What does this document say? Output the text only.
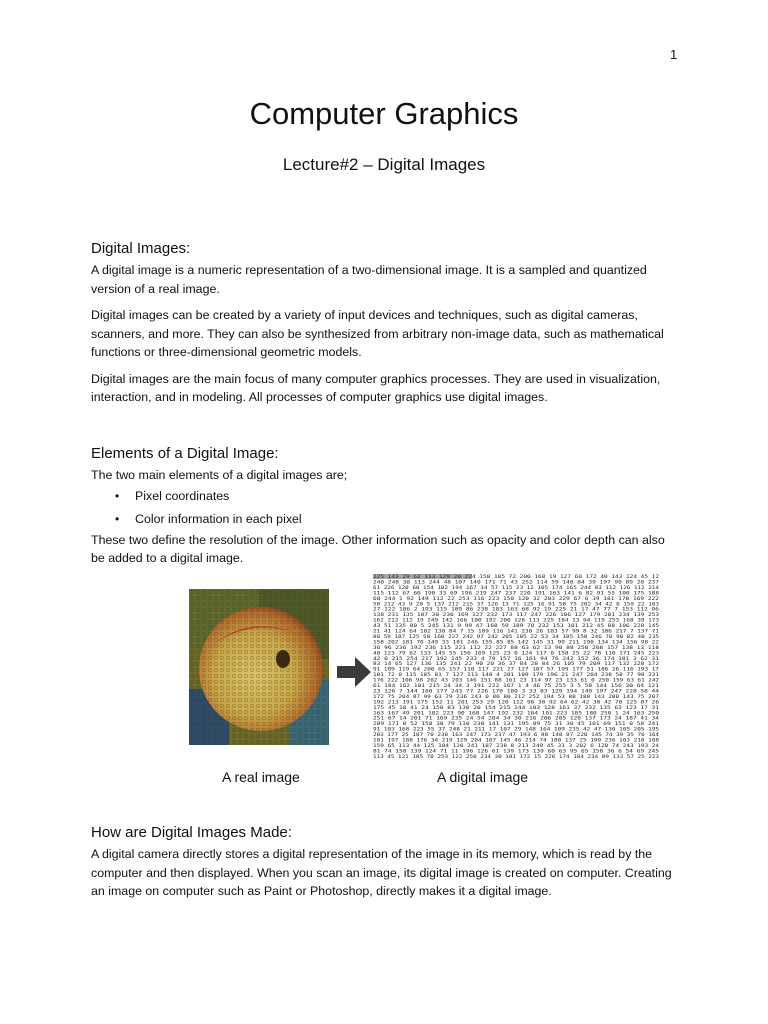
1
Computer Graphics
Lecture#2 – Digital Images
Digital Images:

A digital image is a numeric representation of a two-dimensional image. It is a sampled and quantized version of a real image.

Digital images can be created by a variety of input devices and techniques, such as digital cameras, scanners, and more. They can also be synthesized from arbitrary non-image data, such as mathematical functions or three-dimensional geometric models.

Digital images are the main focus of many computer graphics processes. They are used in visualization, interaction, and in modeling. All processes of computer graphics use digital images.

Elements of a Digital Image:

The two main elements of a digital images are;

• Pixel coordinates
• Color information in each pixel

These two define the resolution of the image. Other information such as opacity and color depth can also be added to a digital image.

125 143 29 62 113 129 20 224 150 105 72 200 168 19 127 60 172 40 143 124 45 12
240 248 30 113 244 48 107 140 171 71 43 252 114 59 140 84 39 197 90 89 20 237
61 226 120 60 154 102 194 167 34 57 115 23 12 105 174 165 244 83 112 126 112 214
115 112 67 60 190 33 69 196 219 247 237 220 191 163 141 6 82 91 55 100 175 188
68 244 1 92 149 112 22 253 116 223 150 120 32 203 229 67 6 39 181 178 169 222
58 212 43 9 20 5 137 212 215 37 126 13 71 125 16 91 58 75 202 34 42 0 159 22 103
27 122 106 2 193 115 189 86 238 183 163 68 92 19 225 21 17 47 77 7 153 112 96
138 231 135 107 30 230 169 127 232 173 117 247 226 106 127 179 201 234 139 253
162 212 112 19 249 142 166 100 192 200 128 113 225 184 13 94 119 253 168 39 173
43 51 135 80 5 245 131 9 99 47 168 59 189 78 232 153 101 212 45 88 106 228 145
21 41 124 64 102 130 84 7 15 189 116 141 230 26 103 57 99 8 32 186 217 7 137 71
88 59 187 125 58 160 227 242 97 242 205 105 22 53 34 185 150 246 70 90 82 40 235
158 202 181 70 149 33 181 246 155 85 85 142 145 31 99 211 190 134 134 156 98 22
36 96 236 192 236 115 221 112 22 227 88 63 62 13 90 88 250 208 157 138 13 118
40 123 79 62 133 145 55 150 169 125 23 0 124 117 0 158 25 22 78 110 171 245 223
42 0 215 254 217 192 145 233 4 79 157 16 161 94 76 242 152 36 174 181 3 62 31
83 14 65 127 136 135 241 22 90 20 36 37 84 28 84 26 105 79 209 117 132 228 172
91 189 119 64 200 65 157 110 117 221 27 127 107 57 199 177 51 186 26 116 193 17
101 72 0 115 185 81 7 127 113 140 4 201 109 179 196 21 247 204 238 58 77 98 231
176 222 106 98 202 43 203 146 151 88 161 23 114 97 23 133 61 0 250 159 63 61 242
61 184 162 101 215 24 34 3 191 222 167 1 4 46 75 255 3 5 58 144 156 30 64 121
23 126 7 144 180 177 243 77 226 170 180 3 33 83 129 194 149 197 247 228 58 44
172 75 204 87 99 63 79 236 243 0 80 80 212 252 194 53 88 180 143 208 143 75 207
192 213 191 175 152 11 201 253 29 120 112 96 38 92 64 62 42 38 42 70 125 87 26
175 45 18 41 24 150 83 130 20 154 215 244 103 128 161 37 232 135 63 123 17 31
163 167 49 201 182 223 90 168 147 192 232 184 101 223 185 180 250 1 24 163 250
251 67 14 201 71 169 235 24 54 204 34 30 216 206 205 120 137 173 24 187 41 34
209 171 0 52 158 30 79 110 230 141 131 195 89 75 31 30 45 101 69 151 0 58 241
91 103 168 223 55 37 248 21 211 17 107 29 148 164 109 235 42 47 130 105 205 195
203 177 25 187 70 238 163 247 173 237 47 193 6 88 148 87 220 145 74 39 35 76 164
181 197 188 176 34 219 129 204 107 145 46 214 74 180 137 25 199 236 103 210 108
159 65 113 44 125 104 120 241 187 238 8 213 249 45 31 3 202 6 120 74 243 193 24
81 74 158 139 124 71 11 196 126 61 139 173 139 60 63 95 65 158 36 6 54 69 245
113 45 121 185 70 253 122 250 234 30 181 172 15 226 174 184 234 89 133 57 25 223
A real image	A digital image
How are Digital Images Made:

A digital camera directly stores a digital representation of the image in its memory, which is read by the computer and then displayed. When you scan an image, its digital image is created on computer. Creating an image on computer such as Paint or Photoshop, directly makes it a digital image.
